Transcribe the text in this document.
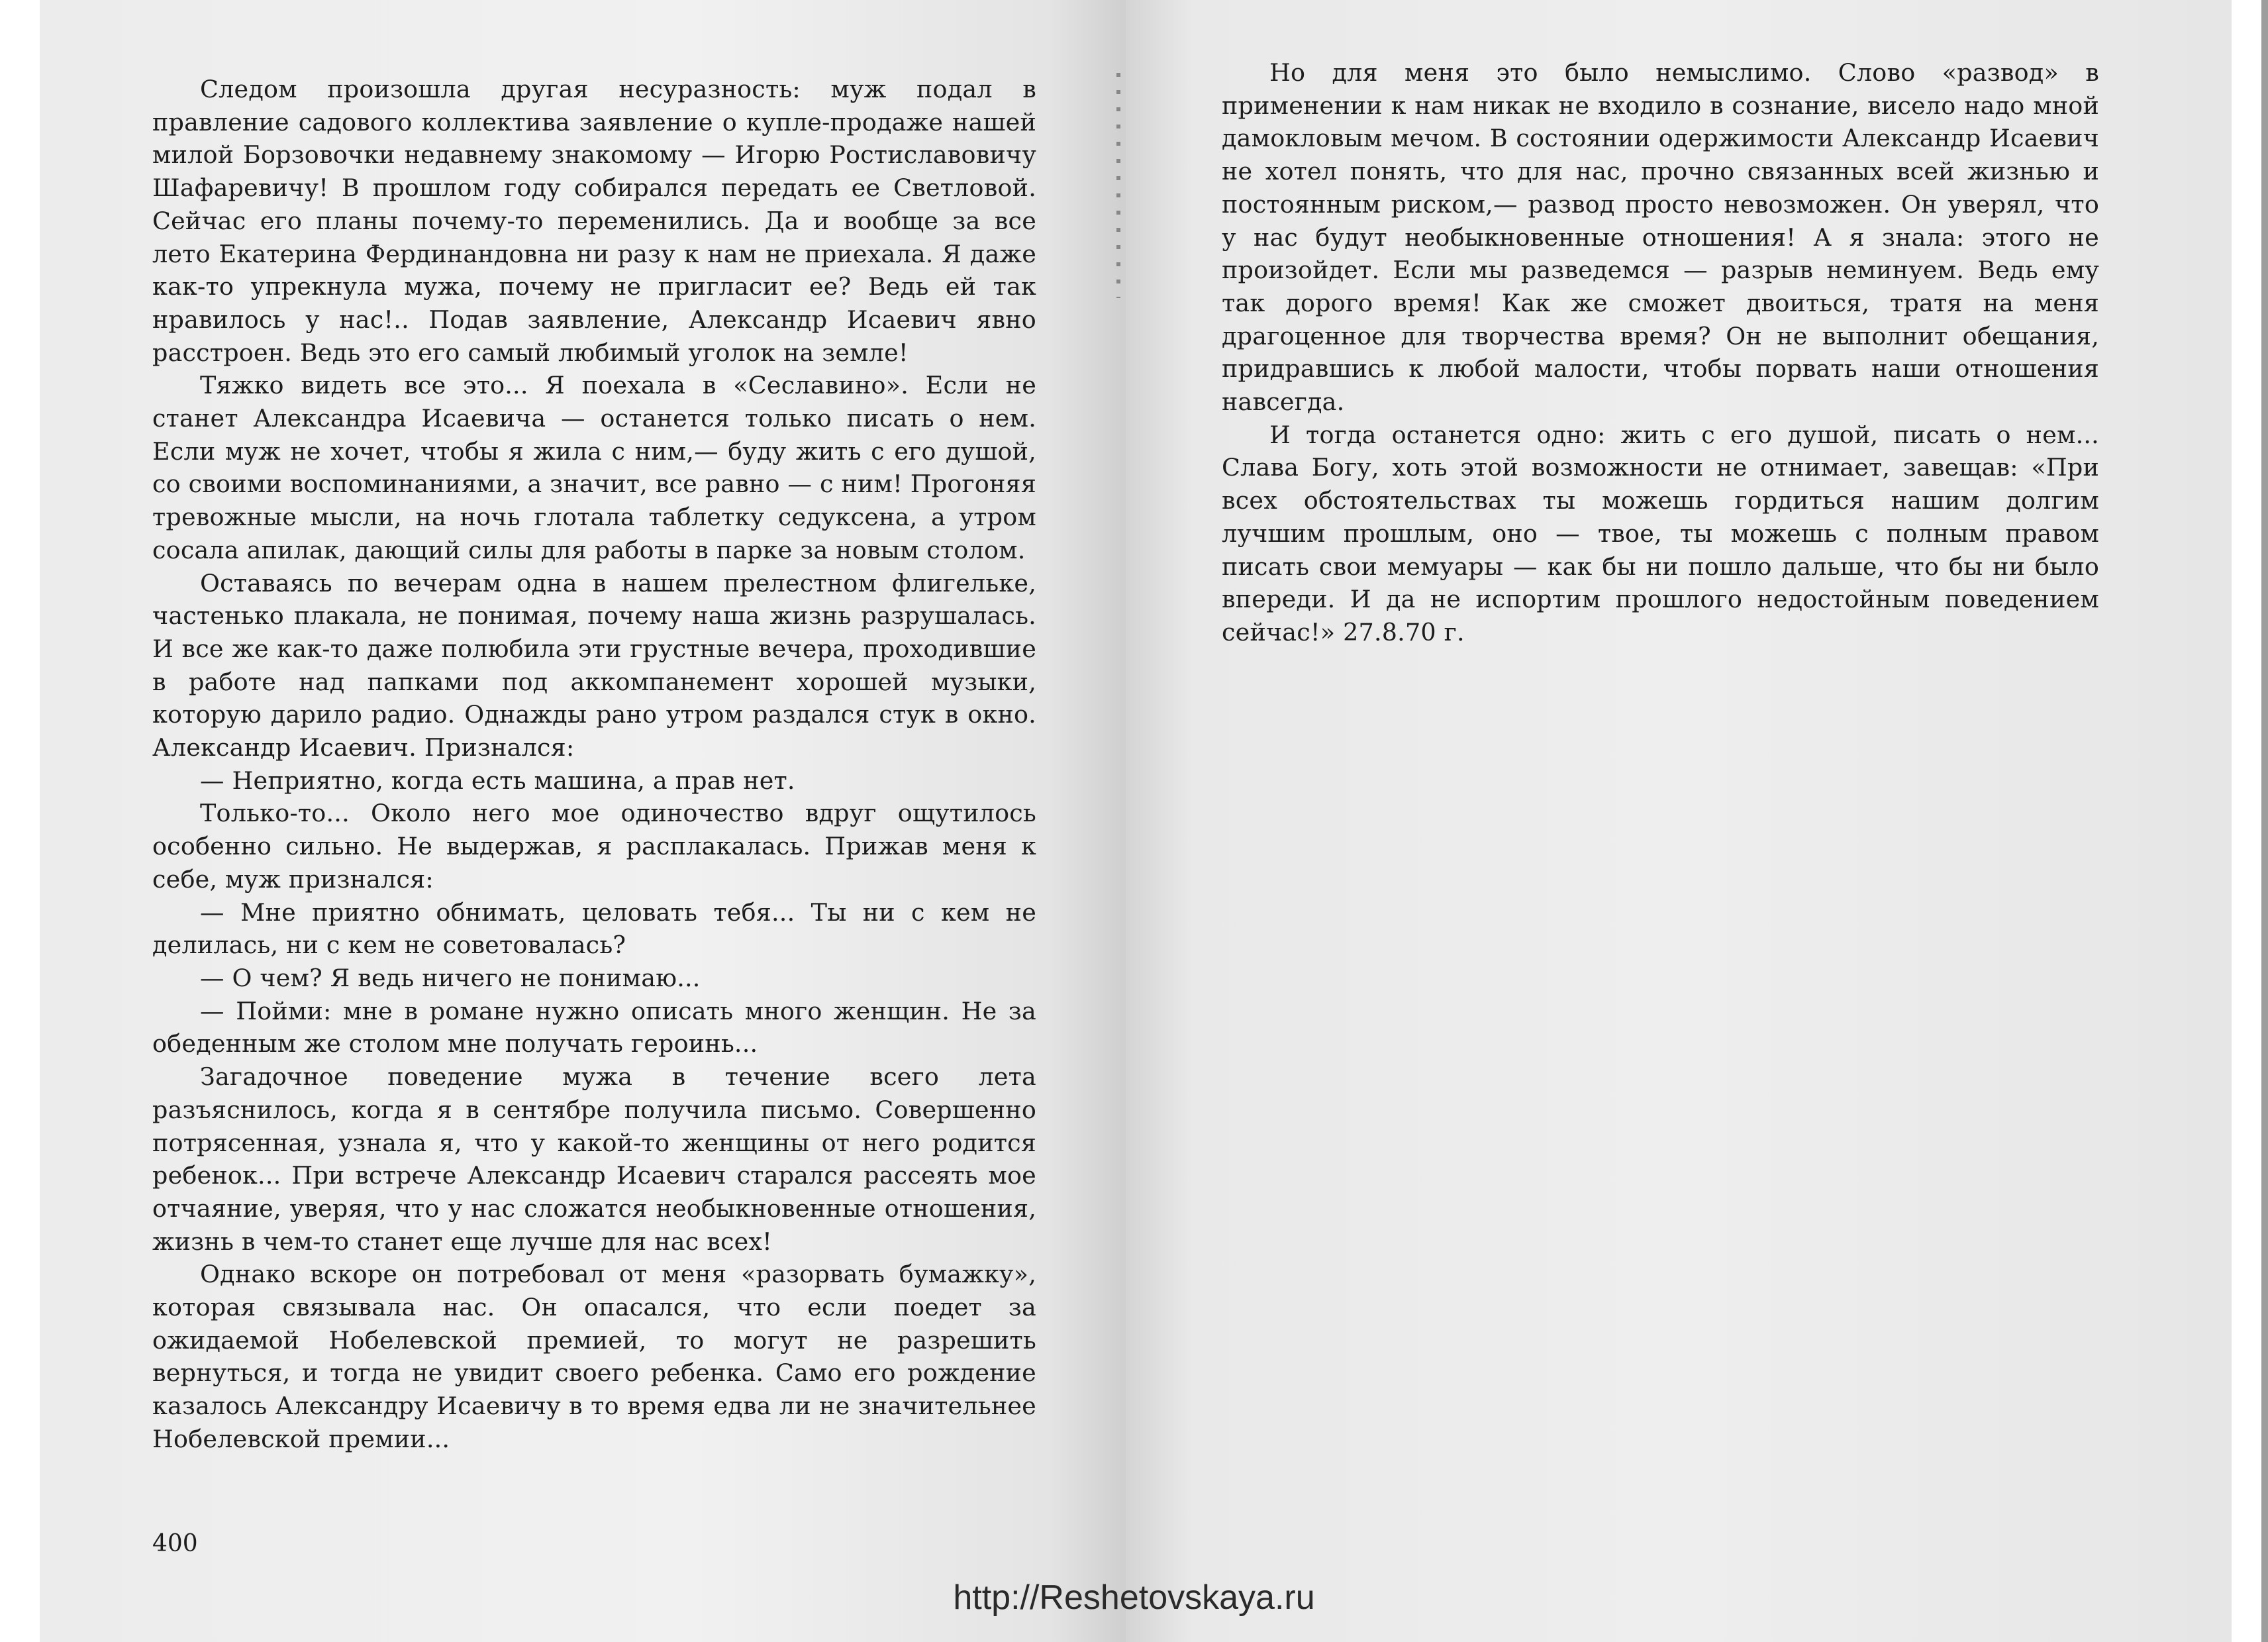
Следом произошла другая несуразность: муж подал в правление садового коллектива заявление о купле-продаже нашей милой Борзовочки недавнему знакомому — Игорю Ростиславовичу Шафаревичу! В прошлом году собирался передать ее Светловой. Сейчас его планы почему-то переменились. Да и вообще за все лето Екатерина Фердинандовна ни разу к нам не приехала. Я даже как-то упрекнула мужа, почему не пригласит ее? Ведь ей так нравилось у нас!.. Подав заявление, Александр Исаевич явно расстроен. Ведь это его самый любимый уголок на земле!

Тяжко видеть все это... Я поехала в «Сеславино». Если не станет Александра Исаевича — останется только писать о нем. Если муж не хочет, чтобы я жила с ним,— буду жить с его душой, со своими воспоминаниями, а значит, все равно — с ним! Прогоняя тревожные мысли, на ночь глотала таблетку седуксена, а утром сосала апилак, дающий силы для работы в парке за новым столом.

Оставаясь по вечерам одна в нашем прелестном флигельке, частенько плакала, не понимая, почему наша жизнь разрушалась. И все же как-то даже полюбила эти грустные вечера, проходившие в работе над папками под аккомпанемент хорошей музыки, которую дарило радио. Однажды рано утром раздался стук в окно. Александр Исаевич. Признался:

— Неприятно, когда есть машина, а прав нет.

Только-то... Около него мое одиночество вдруг ощутилось особенно сильно. Не выдержав, я расплакалась. Прижав меня к себе, муж признался:

— Мне приятно обнимать, целовать тебя... Ты ни с кем не делилась, ни с кем не советовалась?

— О чем? Я ведь ничего не понимаю...

— Пойми: мне в романе нужно описать много женщин. Не за обеденным же столом мне получать героинь...

Загадочное поведение мужа в течение всего лета разъяснилось, когда я в сентябре получила письмо. Совершенно потрясенная, узнала я, что у какой-то женщины от него родится ребенок... При встрече Александр Исаевич старался рассеять мое отчаяние, уверяя, что у нас сложатся необыкновенные отношения, жизнь в чем-то станет еще лучше для нас всех!

Однако вскоре он потребовал от меня «разорвать бумажку», которая связывала нас. Он опасался, что если поедет за ожидаемой Нобелевской премией, то могут не разрешить вернуться, и тогда не увидит своего ребенка. Само его рождение казалось Александру Исаевичу в то время едва ли не значительнее Нобелевской премии...

400

Но для меня это было немыслимо. Слово «развод» в применении к нам никак не входило в сознание, висело надо мной дамокловым мечом. В состоянии одержимости Александр Исаевич не хотел понять, что для нас, прочно связанных всей жизнью и постоянным риском,— развод просто невозможен. Он уверял, что у нас будут необыкновенные отношения! А я знала: этого не произойдет. Если мы разведемся — разрыв неминуем. Ведь ему так дорого время! Как же сможет двоиться, тратя на меня драгоценное для творчества время? Он не выполнит обещания, придравшись к любой малости, чтобы порвать наши отношения навсегда.

И тогда останется одно: жить с его душой, писать о нем... Слава Богу, хоть этой возможности не отнимает, завещав: «При всех обстоятельствах ты можешь гордиться нашим долгим лучшим прошлым, оно — твое, ты можешь с полным правом писать свои мемуары — как бы ни пошло дальше, что бы ни было впереди. И да не испортим прошлого недостойным поведением сейчас!» 27.8.70 г.

http://Reshetovskaya.ru
